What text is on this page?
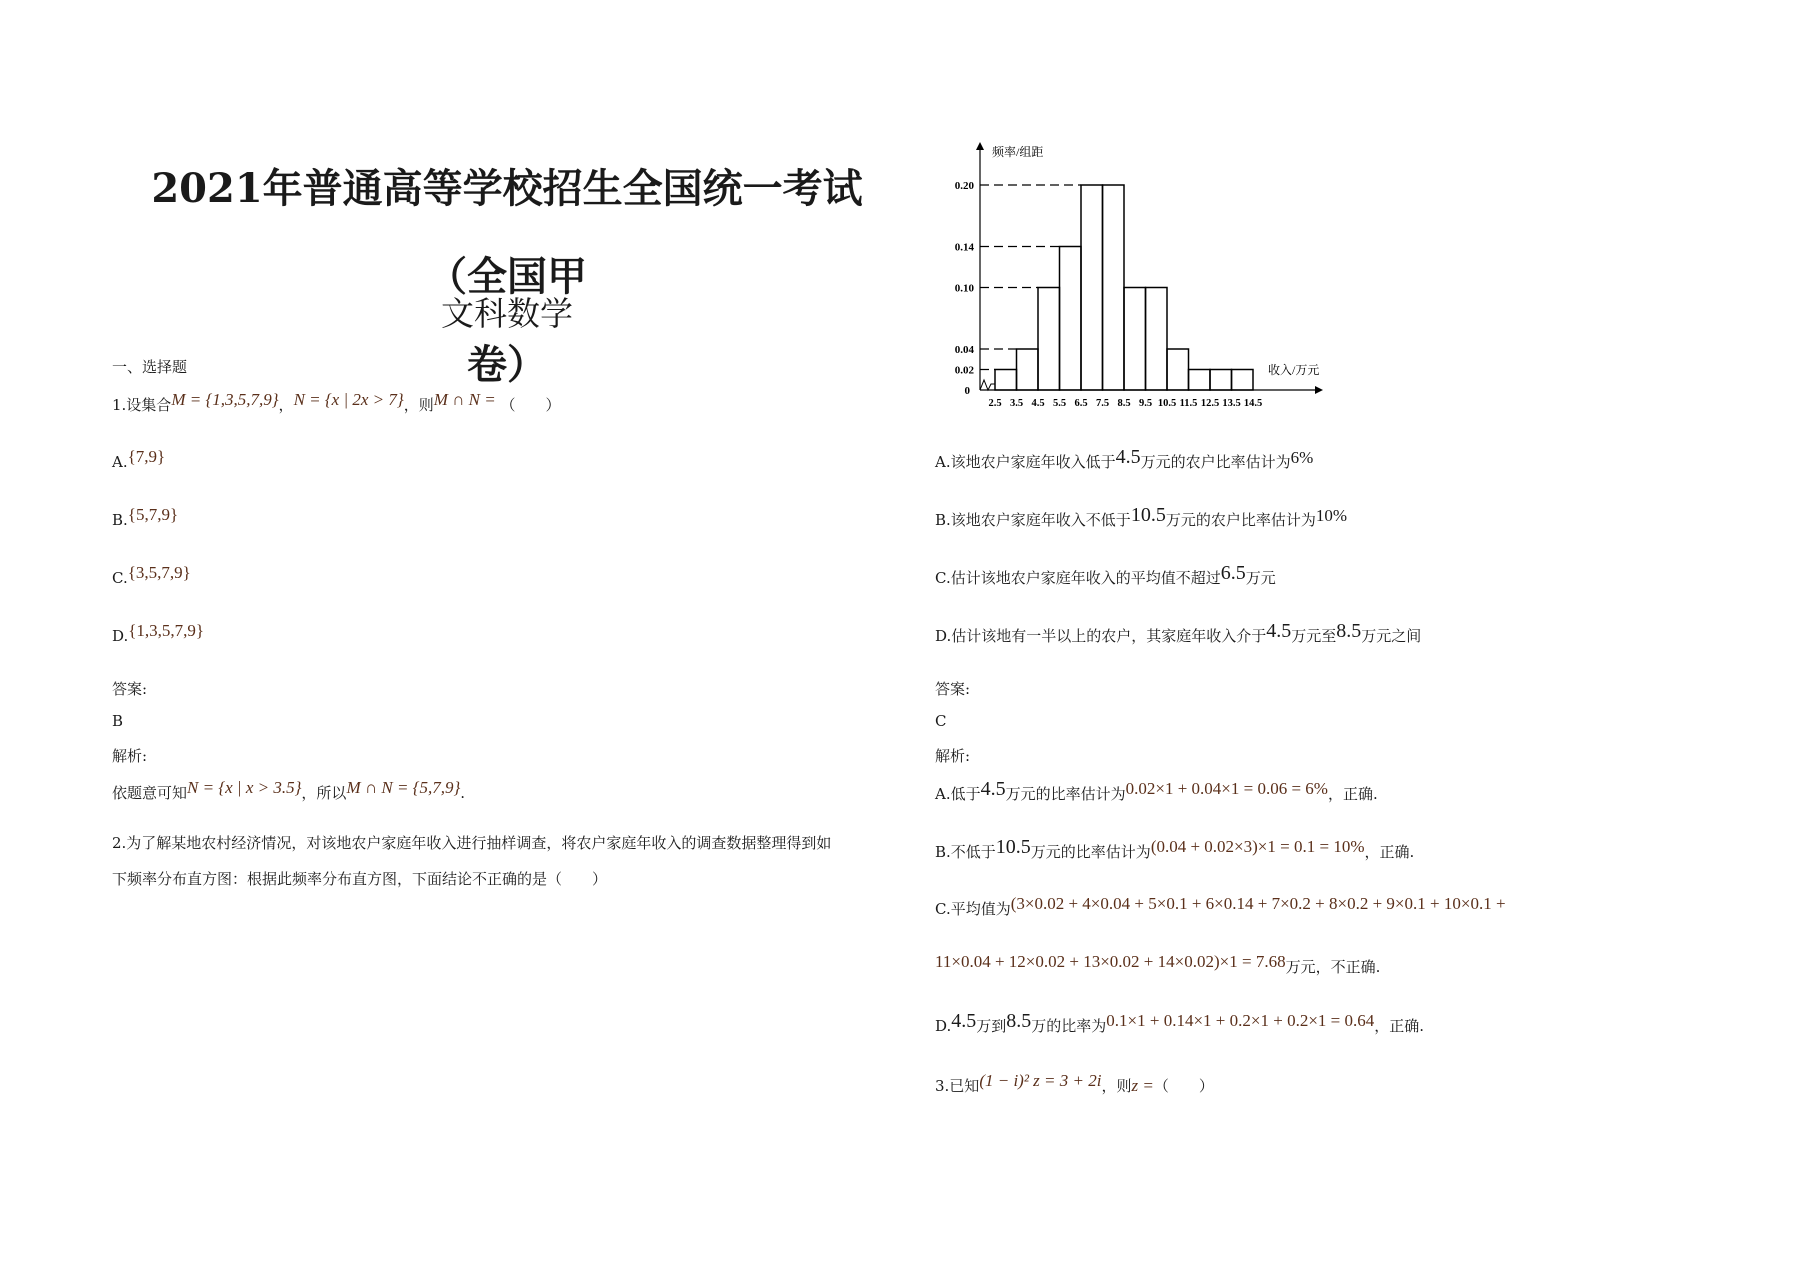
2021年普通高等学校招生全国统一考试（全国甲
卷）
文科数学
一、选择题
1.设集合M = {1,3,5,7,9}，N = {x | 2x > 7}，则M ∩ N = （　　）
A.{7,9}
B.{5,7,9}
C.{3,5,7,9}
D.{1,3,5,7,9}
答案:
B
解析:
依题意可知N = {x | x > 3.5}，所以M ∩ N = {5,7,9}.
2.为了解某地农村经济情况，对该地农户家庭年收入进行抽样调查，将农户家庭年收入的调查数据整理得到如
下频率分布直方图：根据此频率分布直方图，下面结论不正确的是（　　）
0.02
0.04
0.10
0.14
0.20
2.5 3.5 4.5 5.5 6.5 7.5 8.5 9.5 10.5 11.5 12.5 13.5 14.5
0
频率/组距
收入/万元
A.该地农户家庭年收入低于4.5万元的农户比率估计为6%
B.该地农户家庭年收入不低于10.5万元的农户比率估计为10%
C.估计该地农户家庭年收入的平均值不超过6.5万元
D.估计该地有一半以上的农户，其家庭年收入介于4.5万元至8.5万元之间
答案:
C
解析:
A.低于4.5万元的比率估计为0.02×1 + 0.04×1 = 0.06 = 6%，正确.
B.不低于10.5万元的比率估计为(0.04 + 0.02×3)×1 = 0.1 = 10%，正确.
C.平均值为(3×0.02 + 4×0.04 + 5×0.1 + 6×0.14 + 7×0.2 + 8×0.2 + 9×0.1 + 10×0.1 +
11×0.04 + 12×0.02 + 13×0.02 + 14×0.02)×1 = 7.68万元，不正确.
D.4.5万到8.5万的比率为0.1×1 + 0.14×1 + 0.2×1 + 0.2×1 = 0.64，正确.
3.已知(1 − i)² z = 3 + 2i，则z =（　　）
